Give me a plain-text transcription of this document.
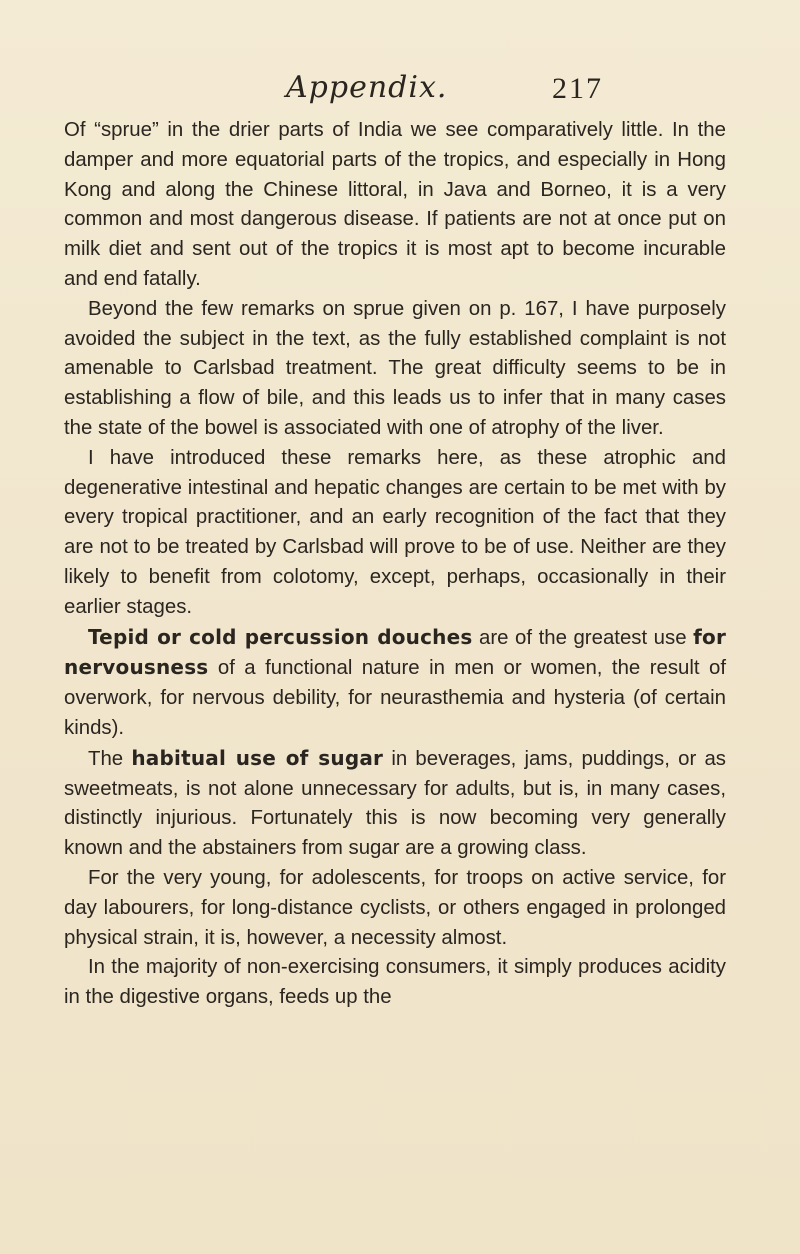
Appendix.	217

Of “sprue” in the drier parts of India we see comparatively little. In the damper and more equatorial parts of the tropics, and especially in Hong Kong and along the Chinese littoral, in Java and Borneo, it is a very common and most dangerous disease. If patients are not at once put on milk diet and sent out of the tropics it is most apt to become incurable and end fatally.

Beyond the few remarks on sprue given on p. 167, I have purposely avoided the subject in the text, as the fully established complaint is not amenable to Carlsbad treatment. The great difficulty seems to be in establishing a flow of bile, and this leads us to infer that in many cases the state of the bowel is associated with one of atrophy of the liver.

I have introduced these remarks here, as these atrophic and degenerative intestinal and hepatic changes are certain to be met with by every tropical practitioner, and an early recognition of the fact that they are not to be treated by Carlsbad will prove to be of use. Neither are they likely to benefit from colotomy, except, perhaps, occasionally in their earlier stages.

Tepid or cold percussion douches are of the greatest use for nervousness of a functional nature in men or women, the result of overwork, for nervous debility, for neurasthemia and hysteria (of certain kinds).

The habitual use of sugar in beverages, jams, puddings, or as sweetmeats, is not alone unnecessary for adults, but is, in many cases, distinctly injurious. Fortunately this is now becoming very generally known and the abstainers from sugar are a growing class.

For the very young, for adolescents, for troops on active service, for day labourers, for long-distance cyclists, or others engaged in prolonged physical strain, it is, however, a necessity almost.

In the majority of non-exercising consumers, it simply produces acidity in the digestive organs, feeds up the
